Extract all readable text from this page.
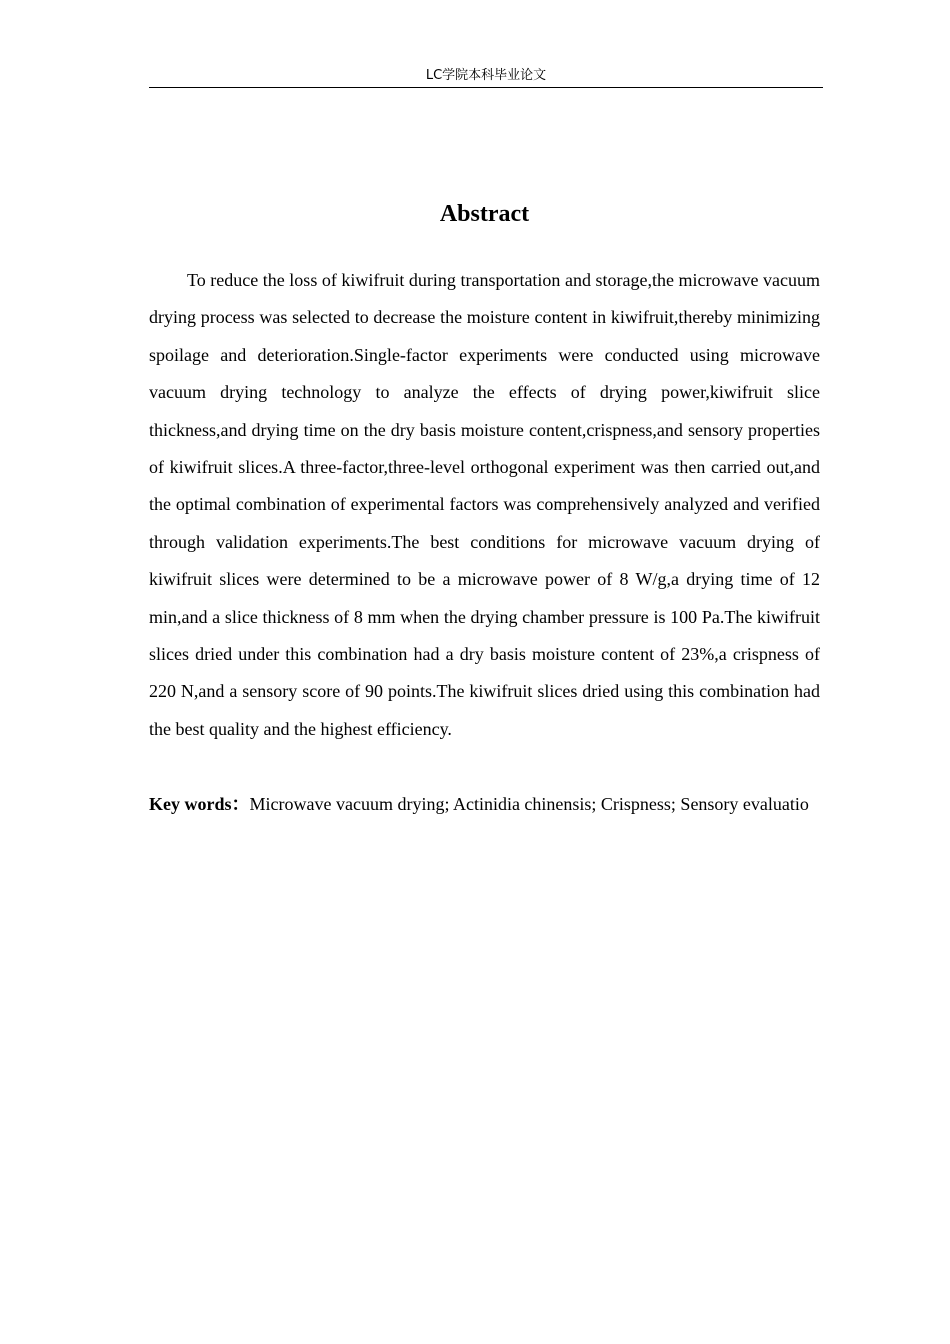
LC学院本科毕业论文
Abstract

To reduce the loss of kiwifruit during transportation and storage,the microwave vacuum drying process was selected to decrease the moisture content in kiwifruit,thereby minimizing spoilage and deterioration.Single-factor experiments were conducted using microwave vacuum drying technology to analyze the effects of drying power,kiwifruit slice thickness,and drying time on the dry basis moisture content,crispness,and sensory properties of kiwifruit slices.A three-factor,three-level orthogonal experiment was then carried out,and the optimal combination of experimental factors was comprehensively analyzed and verified through validation experiments.The best conditions for microwave vacuum drying of kiwifruit slices were determined to be a microwave power of 8 W/g,a drying time of 12 min,and a slice thickness of 8 mm when the drying chamber pressure is 100 Pa.The kiwifruit slices dried under this combination had a dry basis moisture content of 23%,a crispness of 220 N,and a sensory score of 90 points.The kiwifruit slices dried using this combination had the best quality and the highest efficiency.

Key words：Microwave vacuum drying; Actinidia chinensis; Crispness; Sensory evaluatio
